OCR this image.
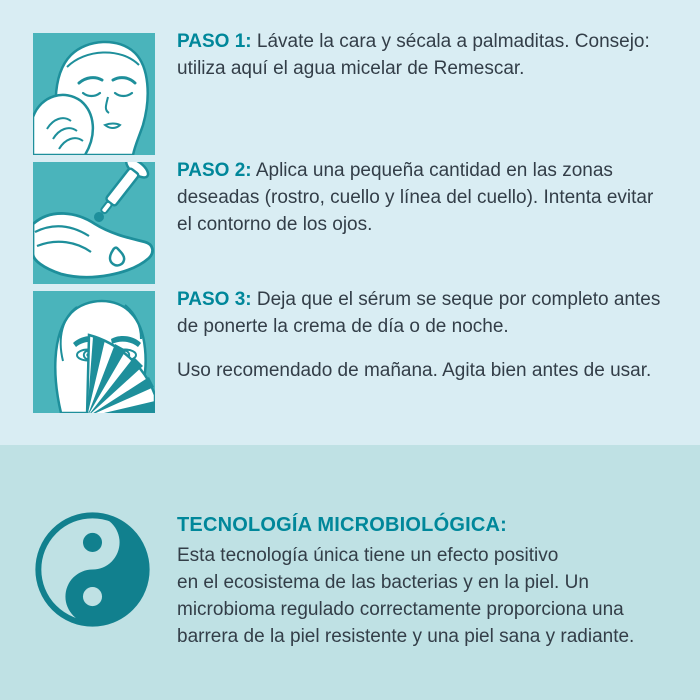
PASO 1: Lávate la cara y sécala a palmaditas. Consejo: utiliza aquí el agua micelar de Remescar.

PASO 2: Aplica una pequeña cantidad en las zonas deseadas (rostro, cuello y línea del cuello). Intenta evitar el contorno de los ojos.

PASO 3: Deja que el sérum se seque por completo antes de ponerte la crema de día o de noche.

Uso recomendado de mañana. Agita bien antes de usar.

TECNOLOGÍA MICROBIOLÓGICA:
Esta tecnología única tiene un efecto positivo
en el ecosistema de las bacterias y en la piel. Un
microbioma regulado correctamente proporciona una
barrera de la piel resistente y una piel sana y radiante.
